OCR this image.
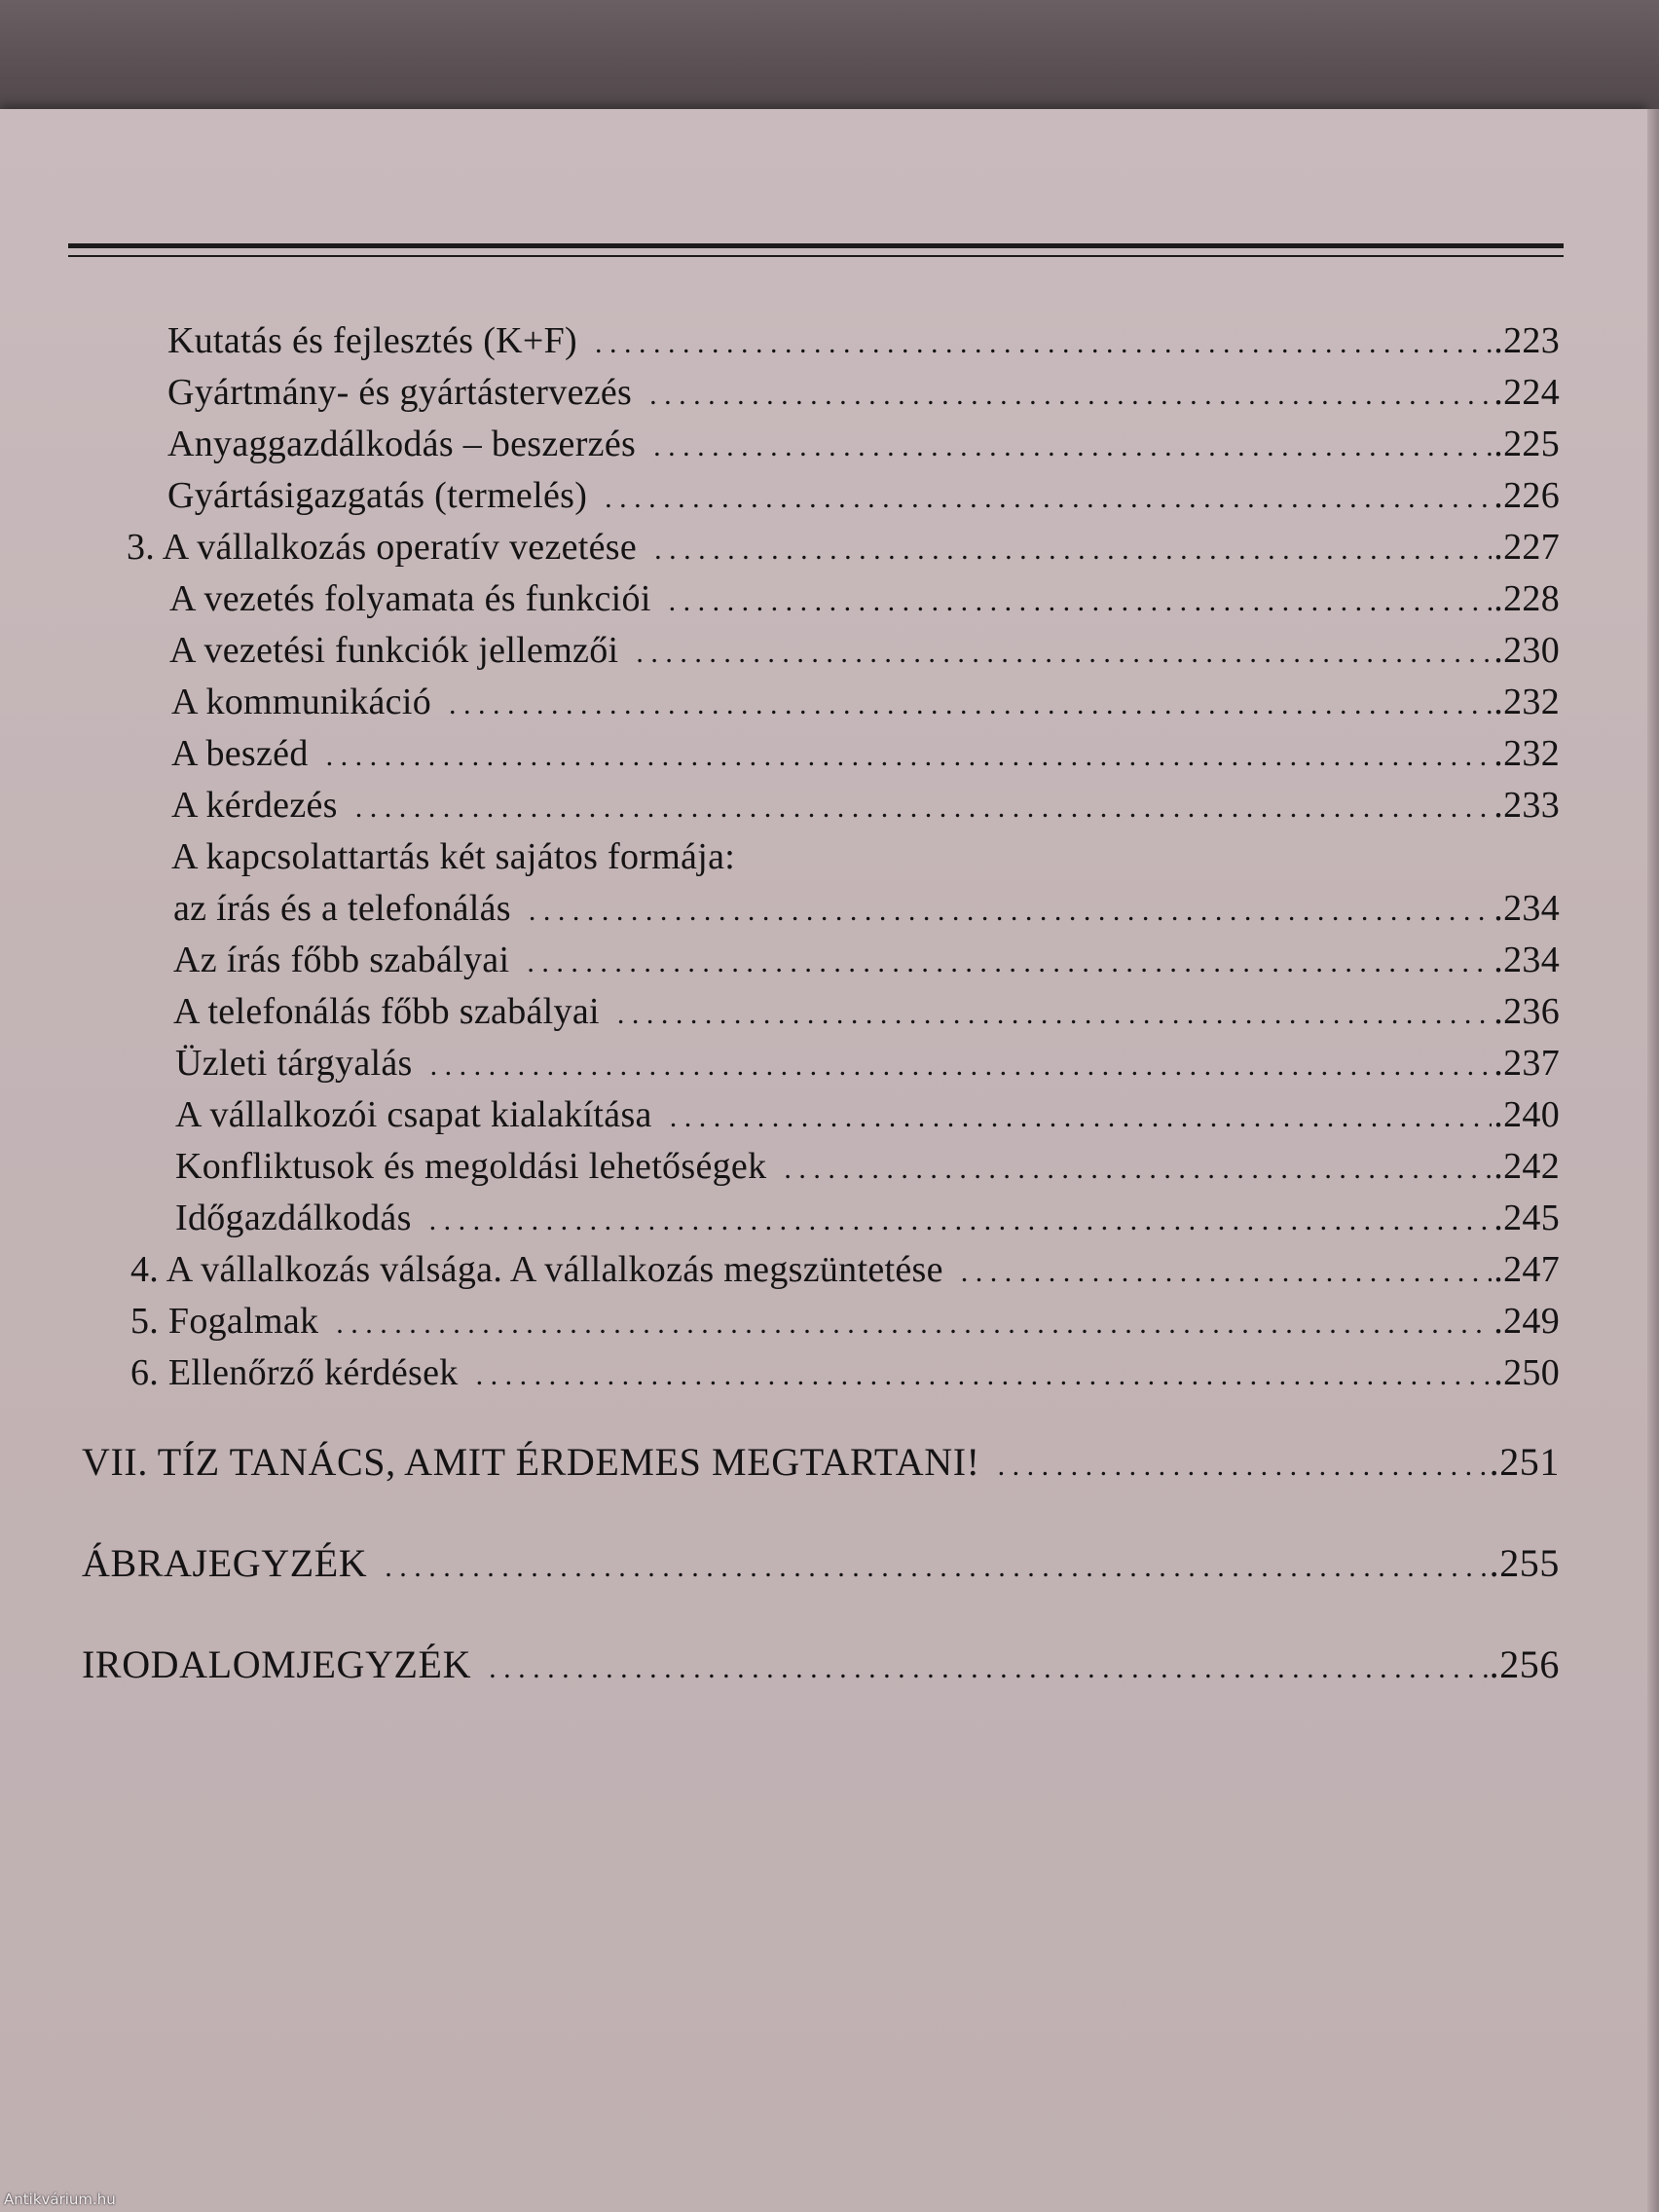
Kutatás és fejlesztés (K+F) . . .	.223
Gyártmány- és gyártástervezés . . .	.224
Anyaggazdálkodás – beszerzés . . .	.225
Gyártásigazgatás (termelés) . . .	.226
3. A vállalkozás operatív vezetése . . .	.227
A vezetés folyamata és funkciói . . .	.228
A vezetési funkciók jellemzői . . .	.230
A kommunikáció . . .	.232
A beszéd . . .	.232
A kérdezés . . .	.233
A kapcsolattartás két sajátos formája:
az írás és a telefonálás . . .	.234
Az írás főbb szabályai . . .	.234
A telefonálás főbb szabályai . . .	.236
Üzleti tárgyalás . . .	.237
A vállalkozói csapat kialakítása . . .	.240
Konfliktusok és megoldási lehetőségek . . .	.242
Időgazdálkodás . . .	.245
4. A vállalkozás válsága. A vállalkozás megszüntetése . . .	.247
5. Fogalmak . . .	.249
6. Ellenőrző kérdések . . .	.250
VII. TÍZ TANÁCS, AMIT ÉRDEMES MEGTARTANI! . . .	.251
ÁBRAJEGYZÉK . . .	.255
IRODALOMJEGYZÉK . . .	.256
Antikvárium.hu
